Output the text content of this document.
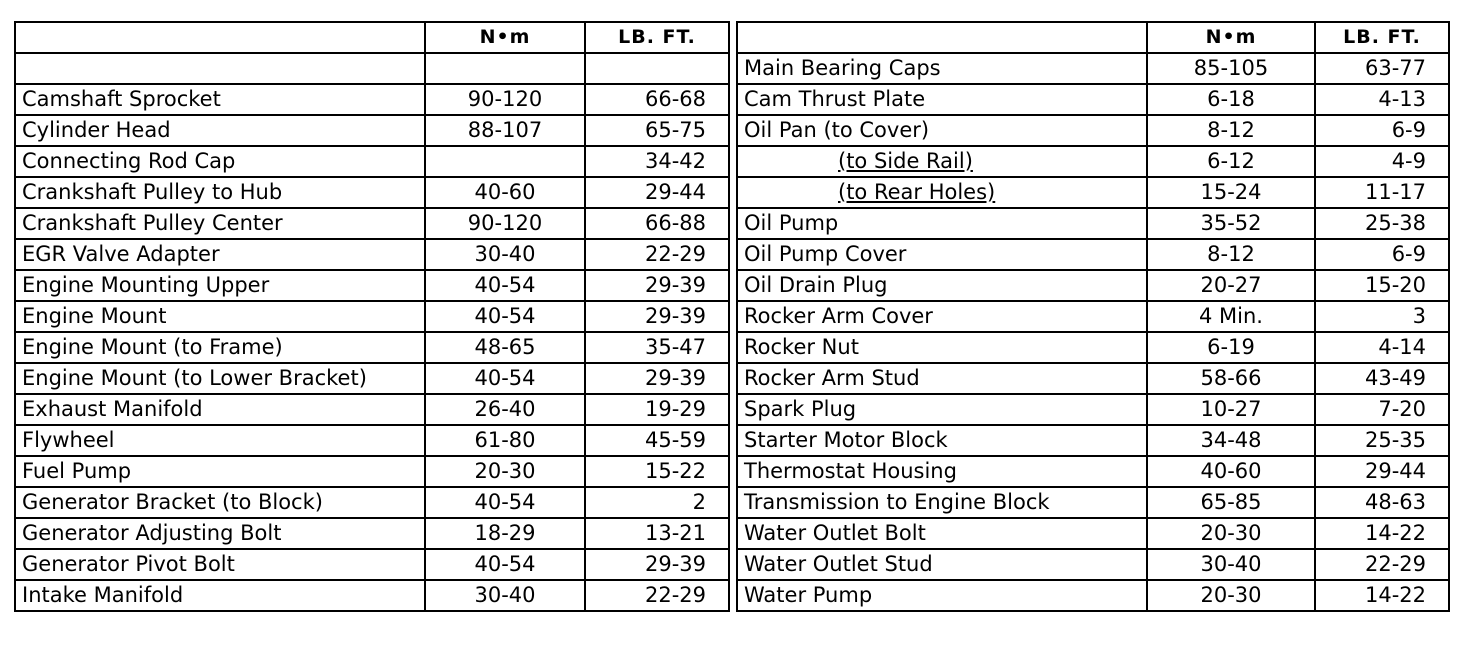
	N•m	LB. FT.

Camshaft Sprocket	90-120	66-68
Cylinder Head	88-107	65-75
Connecting Rod Cap		34-42
Crankshaft Pulley to Hub	40-60	29-44
Crankshaft Pulley Center	90-120	66-88
EGR Valve Adapter	30-40	22-29
Engine Mounting Upper	40-54	29-39
Engine Mount	40-54	29-39
Engine Mount (to Frame)	48-65	35-47
Engine Mount (to Lower Bracket)	40-54	29-39
Exhaust Manifold	26-40	19-29
Flywheel	61-80	45-59
Fuel Pump	20-30	15-22
Generator Bracket (to Block)	40-54	2
Generator Adjusting Bolt	18-29	13-21
Generator Pivot Bolt	40-54	29-39
Intake Manifold	30-40	22-29
	N•m	LB. FT.
Main Bearing Caps	85-105	63-77
Cam Thrust Plate	6-18	4-13
Oil Pan (to Cover)	8-12	6-9
(to Side Rail)	6-12	4-9
(to Rear Holes)	15-24	11-17
Oil Pump	35-52	25-38
Oil Pump Cover	8-12	6-9
Oil Drain Plug	20-27	15-20
Rocker Arm Cover	4 Min.	3
Rocker Nut	6-19	4-14
Rocker Arm Stud	58-66	43-49
Spark Plug	10-27	7-20
Starter Motor Block	34-48	25-35
Thermostat Housing	40-60	29-44
Transmission to Engine Block	65-85	48-63
Water Outlet Bolt	20-30	14-22
Water Outlet Stud	30-40	22-29
Water Pump	20-30	14-22
